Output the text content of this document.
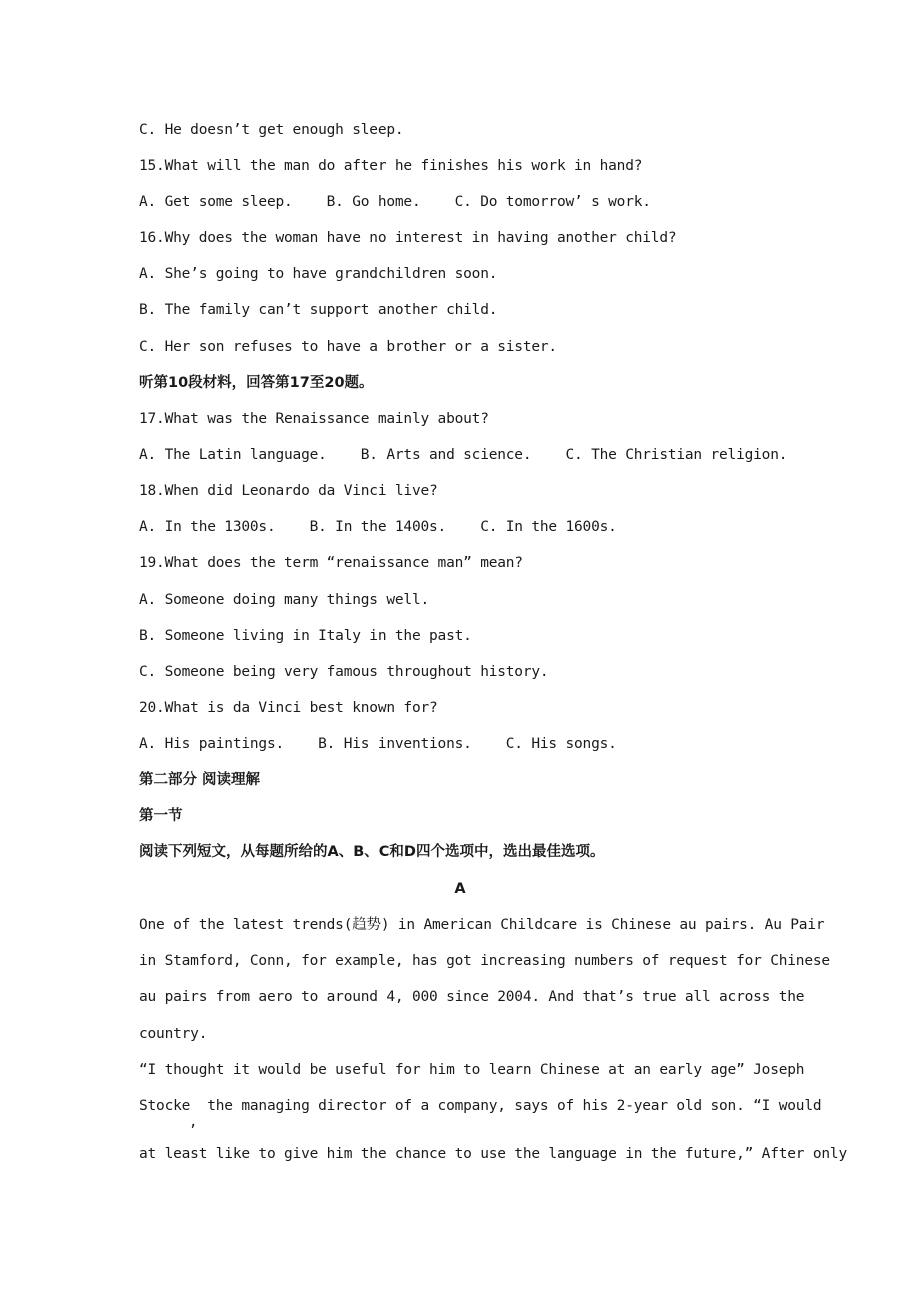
C. He doesn’t get enough sleep.
15.What will the man do after he finishes his work in hand?
A. Get some sleep.    B. Go home.    C. Do tomorrow’ s work.
16.Why does the woman have no interest in having another child?
A. She’s going to have grandchildren soon.
B. The family can’t support another child.
C. Her son refuses to have a brother or a sister.
听第10段材料，回答第17至20题。
17.What was the Renaissance mainly about?
A. The Latin language.    B. Arts and science.    C. The Christian religion.
18.When did Leonardo da Vinci live?
A. In the 1300s.    B. In the 1400s.    C. In the 1600s.
19.What does the term “renaissance man” mean?
A. Someone doing many things well.
B. Someone living in Italy in the past.
C. Someone being very famous throughout history.
20.What is da Vinci best known for?
A. His paintings.    B. His inventions.    C. His songs.
第二部分 阅读理解
第一节
阅读下列短文，从每题所给的A、B、C和D四个选项中，选出最佳选项。
A
One of the latest trends(趋势) in American Childcare is Chinese au pairs. Au Pair
in Stamford, Conn, for example, has got increasing numbers of request for Chinese
au pairs from aero to around 4, 000 since 2004. And that’s true all across the
country.
“I thought it would be useful for him to learn Chinese at an early age” Joseph
Stocke  the managing director of a company, says of his 2-year old son. “I would
,
at least like to give him the chance to use the language in the future,” After only
